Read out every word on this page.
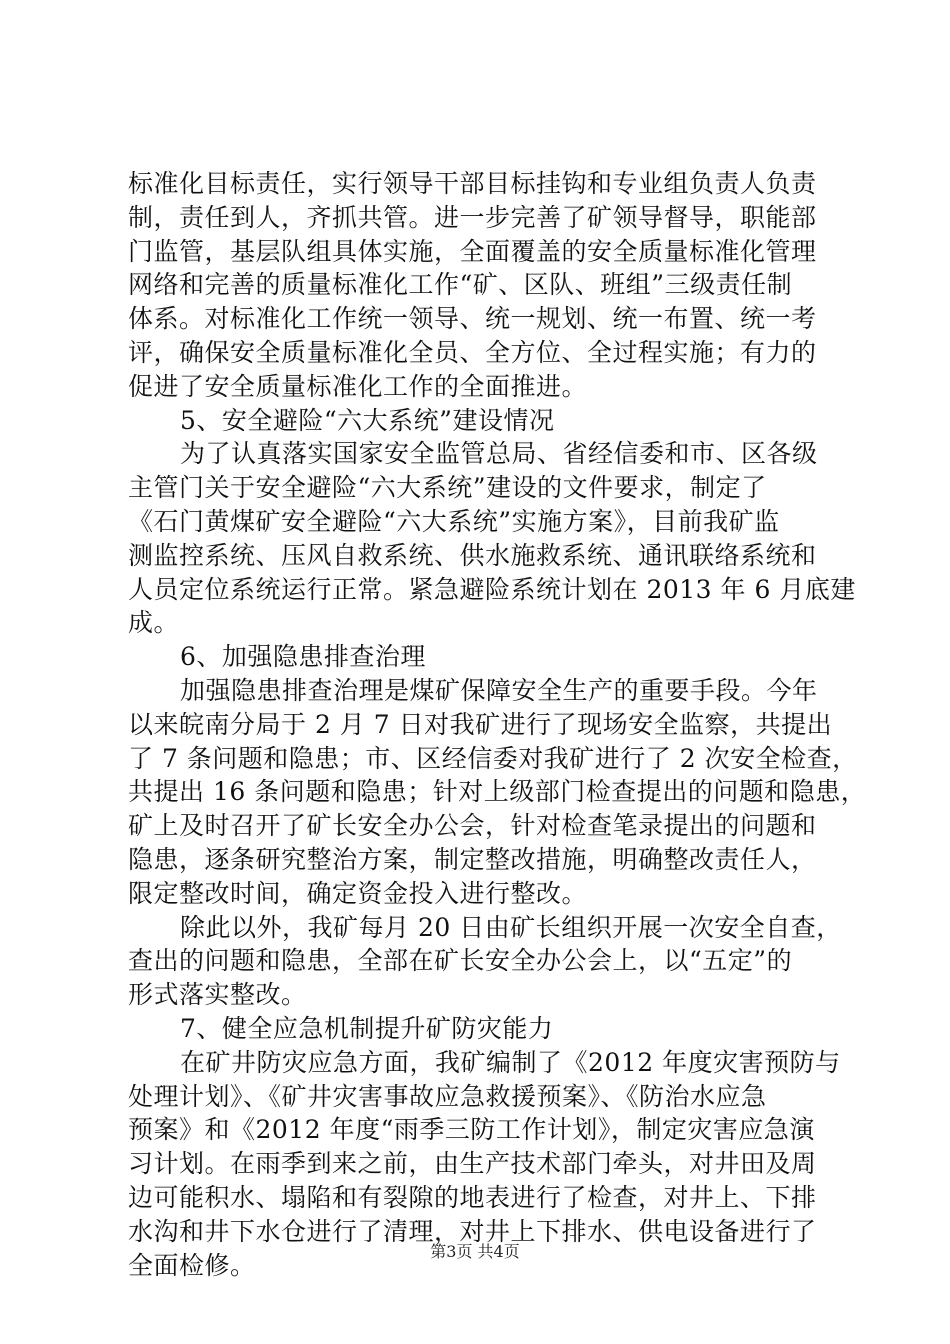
标准化目标责任，实行领导干部目标挂钩和专业组负责人负责
制，责任到人，齐抓共管。进一步完善了矿领导督导，职能部
门监管，基层队组具体实施，全面覆盖的安全质量标准化管理
网络和完善的质量标准化工作“矿、区队、班组”三级责任制
体系。对标准化工作统一领导、统一规划、统一布置、统一考
评，确保安全质量标准化全员、全方位、全过程实施；有力的
促进了安全质量标准化工作的全面推进。
5、安全避险“六大系统”建设情况
为了认真落实国家安全监管总局、省经信委和市、区各级
主管门关于安全避险“六大系统”建设的文件要求，制定了
《石门黄煤矿安全避险“六大系统”实施方案》，目前我矿监
测监控系统、压风自救系统、供水施救系统、通讯联络系统和
人员定位系统运行正常。紧急避险系统计划在 2013 年 6 月底建
成。
6、加强隐患排查治理
加强隐患排查治理是煤矿保障安全生产的重要手段。今年
以来皖南分局于 2 月 7 日对我矿进行了现场安全监察，共提出
了 7 条问题和隐患；市、区经信委对我矿进行了 2 次安全检查，
共提出 16 条问题和隐患；针对上级部门检查提出的问题和隐患，
矿上及时召开了矿长安全办公会，针对检查笔录提出的问题和
隐患，逐条研究整治方案，制定整改措施，明确整改责任人，
限定整改时间，确定资金投入进行整改。
除此以外，我矿每月 20 日由矿长组织开展一次安全自查，
查出的问题和隐患，全部在矿长安全办公会上，以“五定”的
形式落实整改。
7、健全应急机制提升矿防灾能力
在矿井防灾应急方面，我矿编制了《2012 年度灾害预防与
处理计划》、《矿井灾害事故应急救援预案》、《防治水应急
预案》和《2012 年度“雨季三防工作计划》，制定灾害应急演
习计划。在雨季到来之前，由生产技术部门牵头，对井田及周
边可能积水、塌陷和有裂隙的地表进行了检查，对井上、下排
水沟和井下水仓进行了清理，对井上下排水、供电设备进行了
全面检修。	第3页 共4页
